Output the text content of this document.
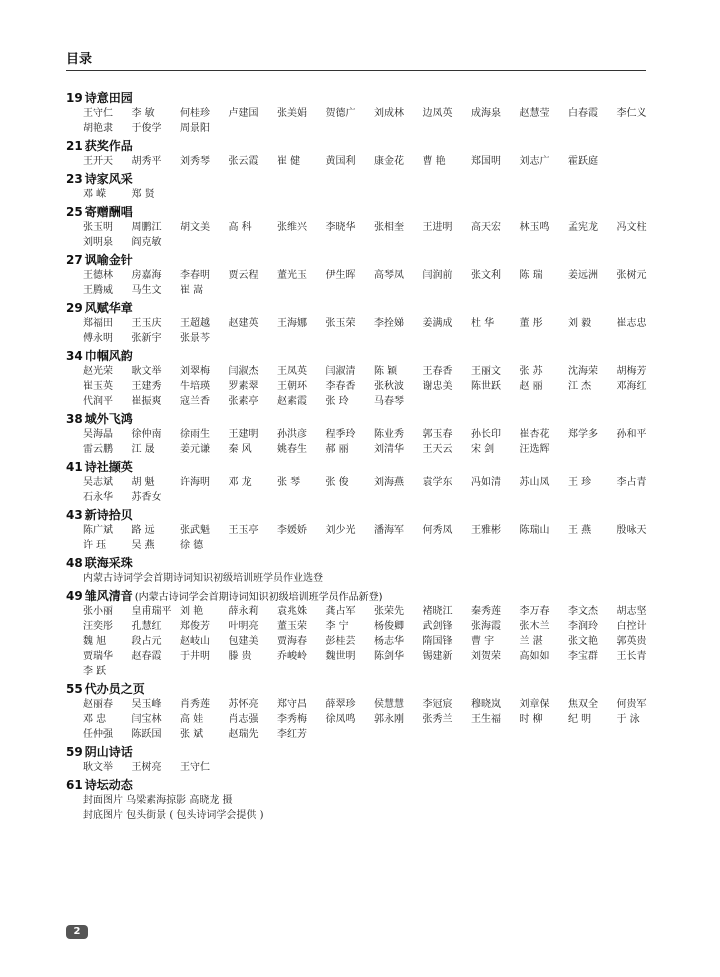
目录
19 诗意田园
王守仁	李 敏	何桂珍	卢建国	张美娟	贺德广	刘成林	边凤英	成海泉	赵慧莹	白春霞	李仁义
胡艳隶	于俊学	周景阳
21 获奖作品
王开天	胡秀平	刘秀琴	张云霞	崔 健	黄国利	康金花	曹 艳	郑国明	刘志广	霍跃庭
23 诗家风采
邓 嵘	郑 贤
25 寄赠酬唱
张玉明	周鹏江	胡文美	高 科	张维兴	李晓华	张相奎	王进明	高天宏	林玉鸣	孟宪龙	冯文柱
刘明泉	阎克敏
27 讽喻金针
王德林	房嘉海	李春明	贾云程	董光玉	伊生晖	高琴凤	闫润前	张文利	陈 瑞	姜远洲	张树元
王腾威	马生文	崔 嵩
29 风赋华章
郑福田	王玉庆	王超越	赵建英	王海娜	张玉荣	李拴娣	姜满成	杜 华	董 彤	刘 毅	崔志忠
傅永明	张新宇	张景芩
34 巾帼风韵
赵光荣	耿文举	刘翠梅	闫淑杰	王凤英	闫淑清	陈 颖	王春香	王丽文	张 苏	沈海荣	胡梅芳
崔玉英	王建秀	牛培瑛	罗素翠	王朝环	李春香	张秋波	谢忠美	陈世跃	赵 丽	江 杰	邓海红
代润平	崔振爽	寇兰香	张素亭	赵素霞	张 玲	马春琴
38 域外飞鸿
吴海晶	徐仲南	徐雨生	王建明	孙洪彦	程季玲	陈业秀	郭玉春	孙长印	崔杏花	郑学多	孙和平
雷云鹏	江 晟	姜元谦	秦 风	姚春生	郝 丽	刘清华	王天云	宋 剑	汪选辉
41 诗社撷英
吴志斌	胡 魁	许海明	邓 龙	张 琴	张 俊	刘海燕	袁学东	冯如清	苏山凤	王 珍	李占青
石永华	苏香女
43 新诗拾贝
陈广斌	路 远	张武魁	王玉亭	李媛娇	刘少光	潘海军	何秀凤	王雅彬	陈瑞山	王 燕	殷咏天
许 珏	吴 燕	徐 德
48 联海采珠
内蒙古诗词学会首期诗词知识初级培训班学员作业选登
49 雏风清音 (内蒙古诗词学会首期诗词知识初级培训班学员作品新登)
张小丽	皇甫瑞平 刘 艳	薛永莉	袁兆姝	龚占军	张荣先	褚晓江	秦秀莲	李万春	李文杰	胡志坚
汪奕彤	孔慧红	郑俊芳	叶明亮	董玉荣	李 宁	杨俊卿	武剑锋	张海霞	张木兰	李润玲	白控计
魏 旭	段占元	赵岐山	包建美	贾海春	彭桂芸	杨志华	隋国锋	曹 宇	兰 湛	张文艳	郭英贵
贾瑞华	赵春霞	于井明	滕 贵	乔峻岭	魏世明	陈剑华	锡建新	刘贺荣	高如如	李宝群	王长青
李 跃
55 代办员之页
赵丽春	吴玉峰	肖秀莲	苏怀亮	郑守昌	薛翠珍	侯慧慧	李冠宸	穆晓岚	刘章保	焦双全	何贵军
邓 忠	闫宝林	高 娃	肖志强	李秀梅	徐凤鸣	郭永刚	张秀兰	王生福	时 柳	纪 明	于 泳
任仲强	陈跃国	张 斌	赵瑞先	李红芳
59 阴山诗话
耿文举	王树亮	王守仁
61 诗坛动态
封面图片 乌梁素海掠影 高晓龙 摄
封底图片 包头街景 ( 包头诗词学会提供 )
2
